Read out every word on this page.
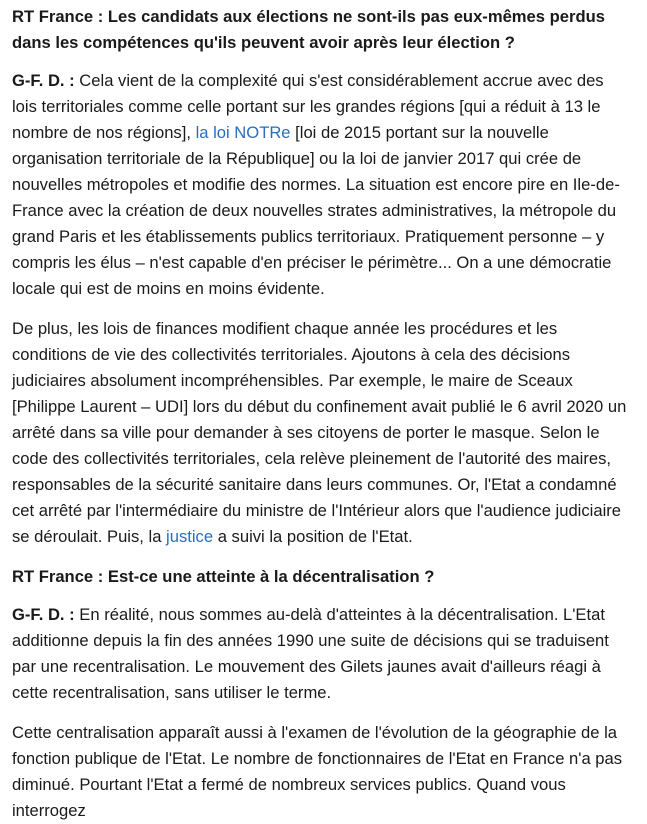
RT France : Les candidats aux élections ne sont-ils pas eux-mêmes perdus dans les compétences qu'ils peuvent avoir après leur élection ?

G-F. D. : Cela vient de la complexité qui s'est considérablement accrue avec des lois territoriales comme celle portant sur les grandes régions [qui a réduit à 13 le nombre de nos régions], la loi NOTRe [loi de 2015 portant sur la nouvelle organisation territoriale de la République] ou la loi de janvier 2017 qui crée de nouvelles métropoles et modifie des normes. La situation est encore pire en Ile-de-France avec la création de deux nouvelles strates administratives, la métropole du grand Paris et les établissements publics territoriaux. Pratiquement personne – y compris les élus – n'est capable d'en préciser le périmètre... On a une démocratie locale qui est de moins en moins évidente.

De plus, les lois de finances modifient chaque année les procédures et les conditions de vie des collectivités territoriales. Ajoutons à cela des décisions judiciaires absolument incompréhensibles. Par exemple, le maire de Sceaux [Philippe Laurent – UDI] lors du début du confinement avait publié le 6 avril 2020 un arrêté dans sa ville pour demander à ses citoyens de porter le masque. Selon le code des collectivités territoriales, cela relève pleinement de l'autorité des maires, responsables de la sécurité sanitaire dans leurs communes. Or, l'Etat a condamné cet arrêté par l'intermédiaire du ministre de l'Intérieur alors que l'audience judiciaire se déroulait. Puis, la justice a suivi la position de l'Etat.

RT France : Est-ce une atteinte à la décentralisation ?

G-F. D. : En réalité, nous sommes au-delà d'atteintes à la décentralisation. L'Etat additionne depuis la fin des années 1990 une suite de décisions qui se traduisent par une recentralisation. Le mouvement des Gilets jaunes avait d'ailleurs réagi à cette recentralisation, sans utiliser le terme.

Cette centralisation apparaît aussi à l'examen de l'évolution de la géographie de la fonction publique de l'Etat. Le nombre de fonctionnaires de l'Etat en France n'a pas diminué. Pourtant l'Etat a fermé de nombreux services publics. Quand vous interrogez
